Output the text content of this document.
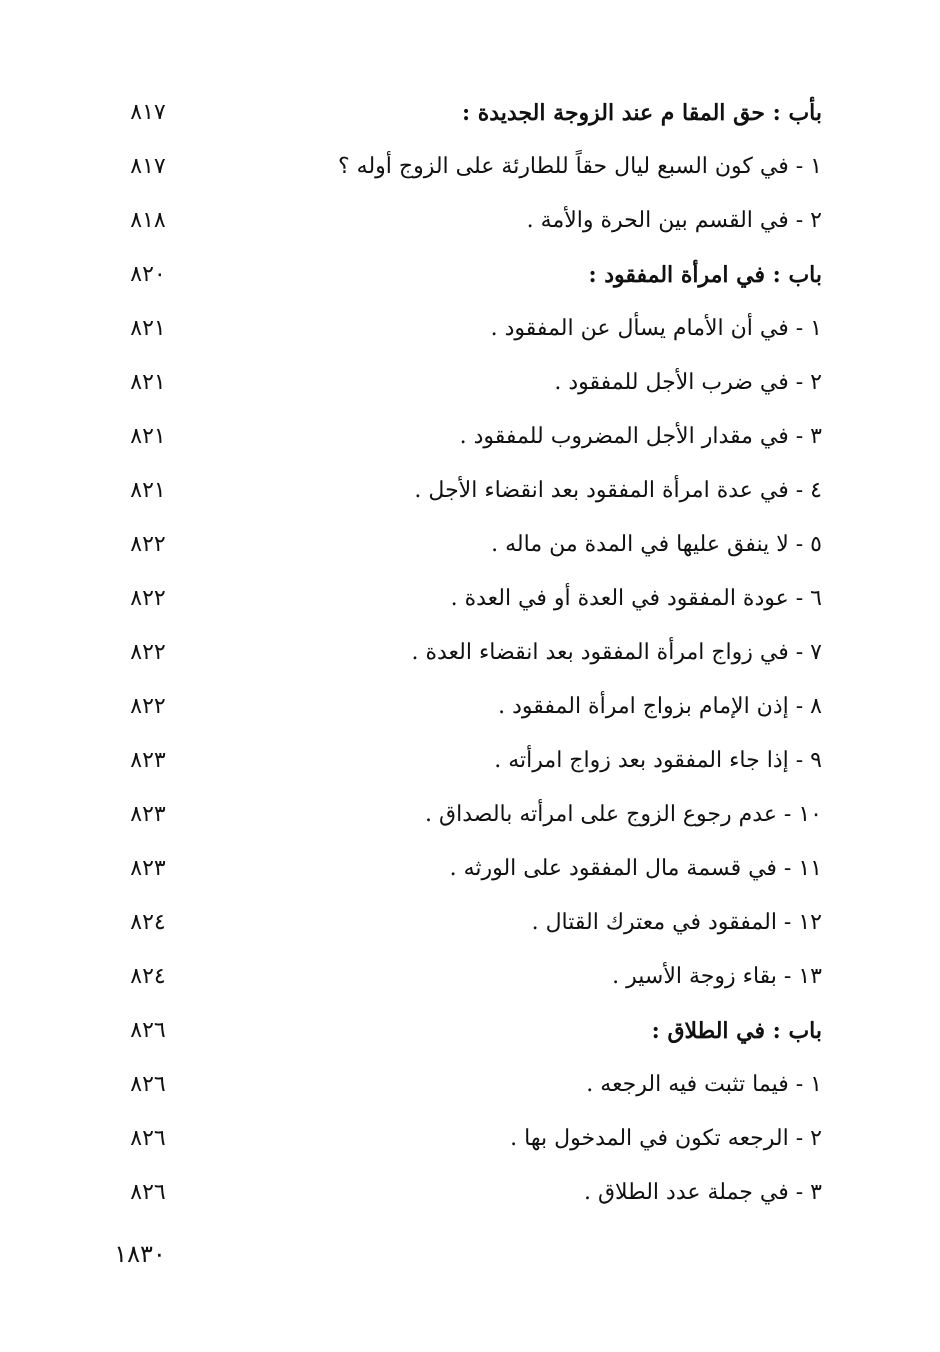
بأب : حق المقا م عند الزوجة الجديدة :
٨١٧
١ - في كون السبع ليال حقاً للطارئة على الزوج أوله ؟
٨١٧
٢ - في القسم بين الحرة والأمة .
٨١٨
باب : في امرأة المفقود :
٨٢٠
١ - في أن الأمام يسأل عن المفقود .
٨٢١
٢ - في ضرب الأجل للمفقود .
٨٢١
٣ - في مقدار الأجل المضروب للمفقود .
٨٢١
٤ - في عدة امرأة المفقود بعد انقضاء الأجل .
٨٢١
٥ - لا ينفق عليها في المدة من ماله .
٨٢٢
٦ - عودة المفقود في العدة أو في العدة .
٨٢٢
٧ - في زواج امرأة المفقود بعد انقضاء العدة .
٨٢٢
٨ - إذن الإمام بزواج امرأة المفقود .
٨٢٢
٩ - إذا جاء المفقود بعد زواج امرأته .
٨٢٣
١٠ - عدم رجوع الزوج على امرأته بالصداق .
٨٢٣
١١ - في قسمة مال المفقود على الورثه .
٨٢٣
١٢ - المفقود في معترك القتال .
٨٢٤
١٣ - بقاء زوجة الأسير .
٨٢٤
باب : في الطلاق :
٨٢٦
١ - فيما تثبت فيه الرجعه .
٨٢٦
٢ - الرجعه تكون في المدخول بها .
٨٢٦
٣ - في جملة عدد الطلاق .
٨٢٦
١٨٣٠
